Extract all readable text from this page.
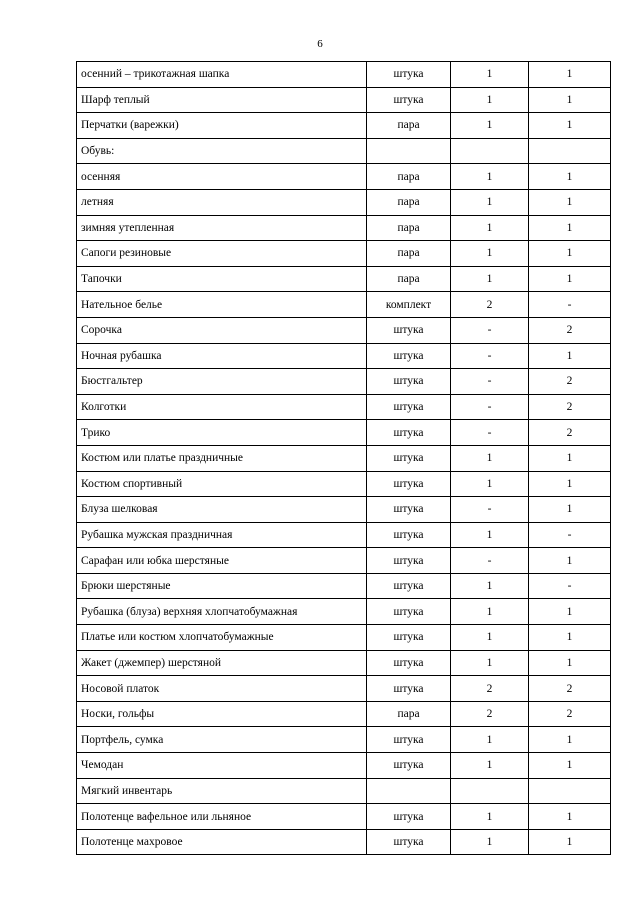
6
осенний – трикотажная шапка	штука	1	1
Шарф теплый	штука	1	1
Перчатки (варежки)	пара	1	1
Обувь:			
осенняя	пара	1	1
летняя	пара	1	1
зимняя утепленная	пара	1	1
Сапоги резиновые	пара	1	1
Тапочки	пара	1	1
Нательное белье	комплект	2	-
Сорочка	штука	-	2
Ночная рубашка	штука	-	1
Бюстгальтер	штука	-	2
Колготки	штука	-	2
Трико	штука	-	2
Костюм или платье праздничные	штука	1	1
Костюм спортивный	штука	1	1
Блуза шелковая	штука	-	1
Рубашка мужская праздничная	штука	1	-
Сарафан или юбка шерстяные	штука	-	1
Брюки шерстяные	штука	1	-
Рубашка (блуза) верхняя хлопчатобумажная	штука	1	1
Платье или костюм хлопчатобумажные	штука	1	1
Жакет (джемпер) шерстяной	штука	1	1
Носовой платок	штука	2	2
Носки, гольфы	пара	2	2
Портфель, сумка	штука	1	1
Чемодан	штука	1	1
Мягкий инвентарь			
Полотенце вафельное или льняное	штука	1	1
Полотенце махровое	штука	1	1
